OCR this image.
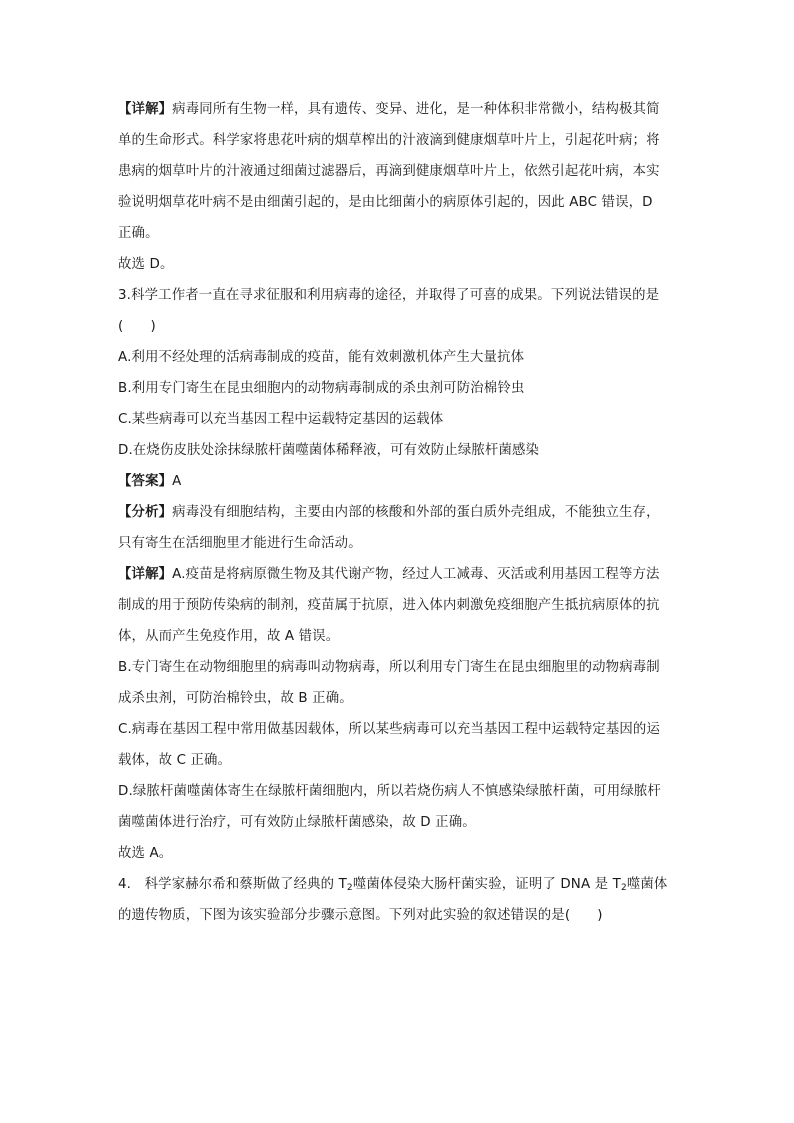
【详解】病毒同所有生物一样，具有遗传、变异、进化，是一种体积非常微小，结构极其简
单的生命形式。科学家将患花叶病的烟草榨出的汁液滴到健康烟草叶片上，引起花叶病；将
患病的烟草叶片的汁液通过细菌过滤器后，再滴到健康烟草叶片上，依然引起花叶病，本实
验说明烟草花叶病不是由细菌引起的，是由比细菌小的病原体引起的，因此 ABC 错误，D
正确。
故选 D。
3.科学工作者一直在寻求征服和利用病毒的途径，并取得了可喜的成果。下列说法错误的是
(　　)
A.利用不经处理的活病毒制成的疫苗，能有效刺激机体产生大量抗体
B.利用专门寄生在昆虫细胞内的动物病毒制成的杀虫剂可防治棉铃虫
C.某些病毒可以充当基因工程中运载特定基因的运载体
D.在烧伤皮肤处涂抹绿脓杆菌噬菌体稀释液，可有效防止绿脓杆菌感染
【答案】A
【分析】病毒没有细胞结构，主要由内部的核酸和外部的蛋白质外壳组成，不能独立生存，
只有寄生在活细胞里才能进行生命活动。
【详解】A.疫苗是将病原微生物及其代谢产物，经过人工减毒、灭活或利用基因工程等方法
制成的用于预防传染病的制剂，疫苗属于抗原，进入体内刺激免疫细胞产生抵抗病原体的抗
体，从而产生免疫作用，故 A 错误。
B.专门寄生在动物细胞里的病毒叫动物病毒，所以利用专门寄生在昆虫细胞里的动物病毒制
成杀虫剂，可防治棉铃虫，故 B 正确。
C.病毒在基因工程中常用做基因载体，所以某些病毒可以充当基因工程中运载特定基因的运
载体，故 C 正确。
D.绿脓杆菌噬菌体寄生在绿脓杆菌细胞内，所以若烧伤病人不慎感染绿脓杆菌，可用绿脓杆
菌噬菌体进行治疗，可有效防止绿脓杆菌感染，故 D 正确。
故选 A。
4.　科学家赫尔希和蔡斯做了经典的 $T_2$噬菌体侵染大肠杆菌实验，证明了 DNA 是 $T_2$噬菌体
的遗传物质，下图为该实验部分步骤示意图。下列对此实验的叙述错误的是(　　)
